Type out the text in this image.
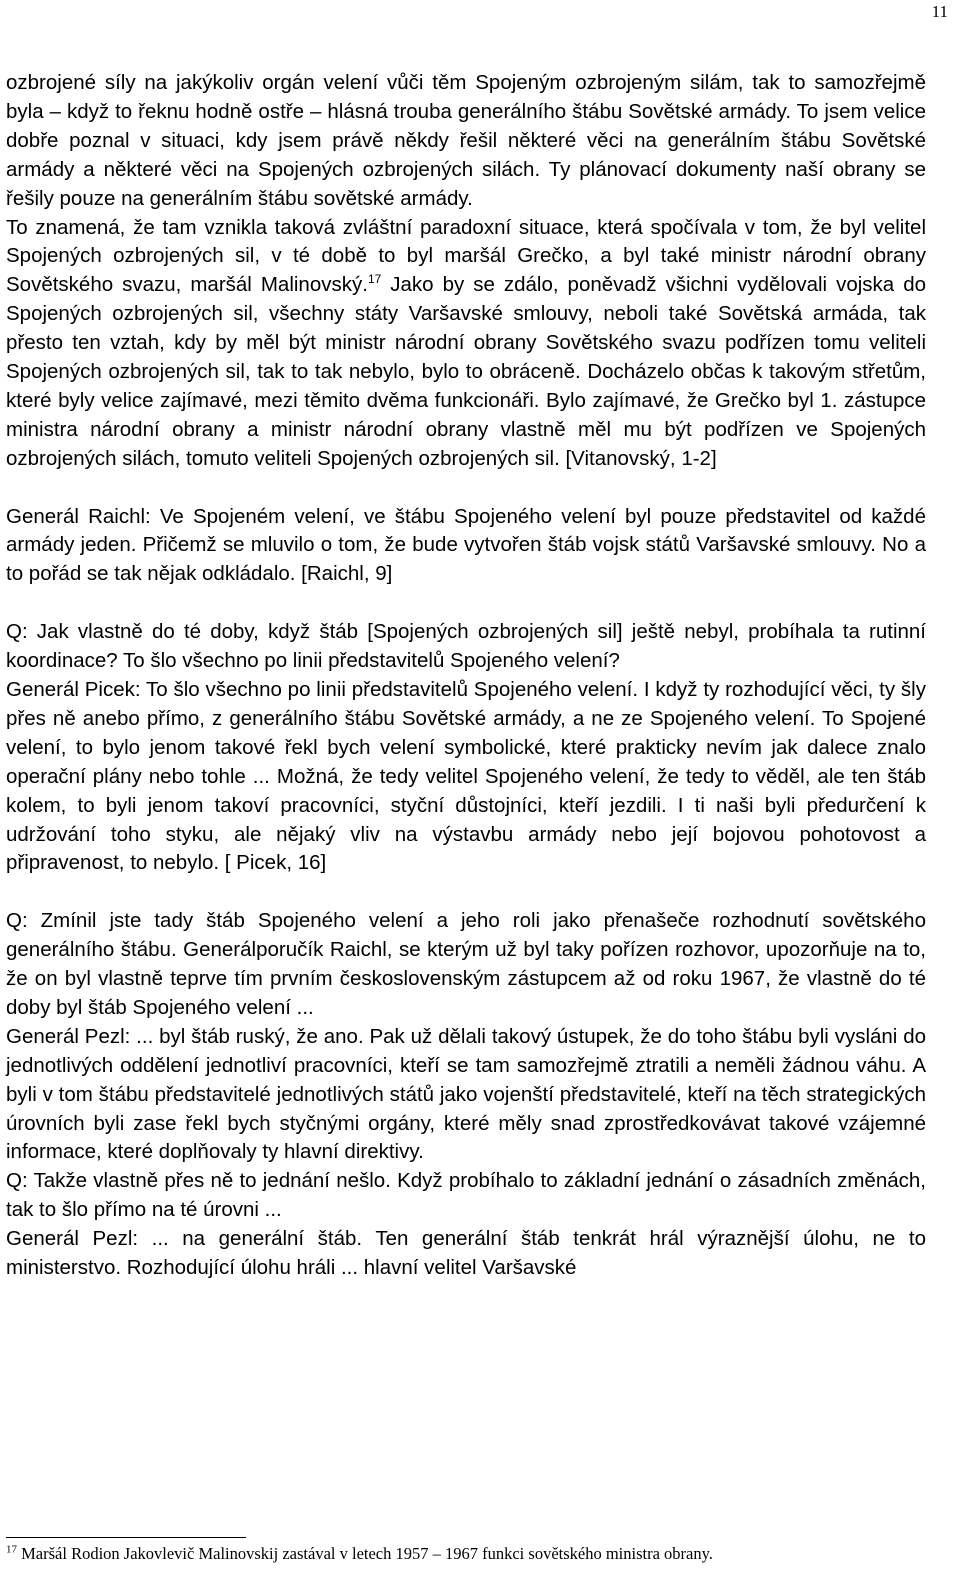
11

ozbrojené síly na jakýkoliv orgán velení vůči těm Spojeným ozbrojeným silám, tak to samozřejmě byla – když to řeknu hodně ostře – hlásná trouba generálního štábu Sovětské armády. To jsem velice dobře poznal v situaci, kdy jsem právě někdy řešil některé věci na generálním štábu Sovětské armády a některé věci na Spojených ozbrojených silách. Ty plánovací dokumenty naší obrany se řešily pouze na generálním štábu sovětské armády.

To znamená, že tam vznikla taková zvláštní paradoxní situace, která spočívala v tom, že byl velitel Spojených ozbrojených sil, v té době to byl maršál Grečko, a byl také ministr národní obrany Sovětského svazu, maršál Malinovský.$^{17}$ Jako by se zdálo, poněvadž všichni vydělovali vojska do Spojených ozbrojených sil, všechny státy Varšavské smlouvy, neboli také Sovětská armáda, tak přesto ten vztah, kdy by měl být ministr národní obrany Sovětského svazu podřízen tomu veliteli Spojených ozbrojených sil, tak to tak nebylo, bylo to obráceně. Docházelo občas k takovým střetům, které byly velice zajímavé, mezi těmito dvěma funkcionáři. Bylo zajímavé, že Grečko byl 1. zástupce ministra národní obrany a ministr národní obrany vlastně měl mu být podřízen ve Spojených ozbrojených silách, tomuto veliteli Spojených ozbrojených sil. [Vitanovský, 1-2]

Generál Raichl: Ve Spojeném velení, ve štábu Spojeného velení byl pouze představitel od každé armády jeden. Přičemž se mluvilo o tom, že bude vytvořen štáb vojsk států Varšavské smlouvy. No a to pořád se tak nějak odkládalo. [Raichl, 9]

Q: Jak vlastně do té doby, když štáb [Spojených ozbrojených sil] ještě nebyl, probíhala ta rutinní koordinace? To šlo všechno po linii představitelů Spojeného velení?

Generál Picek: To šlo všechno po linii představitelů Spojeného velení. I když ty rozhodující věci, ty šly přes ně anebo přímo, z generálního štábu Sovětské armády, a ne ze Spojeného velení. To Spojené velení, to bylo jenom takové řekl bych velení symbolické, které prakticky nevím jak dalece znalo operační plány nebo tohle ... Možná, že tedy velitel Spojeného velení, že tedy to věděl, ale ten štáb kolem, to byli jenom takoví pracovníci, styční důstojníci, kteří jezdili. I ti naši byli předurčení k udržování toho styku, ale nějaký vliv na výstavbu armády nebo její bojovou pohotovost a připravenost, to nebylo. [ Picek, 16]

Q: Zmínil jste tady štáb Spojeného velení a jeho roli jako přenašeče rozhodnutí sovětského generálního štábu. Generálporučík Raichl, se kterým už byl taky pořízen rozhovor, upozorňuje na to, že on byl vlastně teprve tím prvním československým zástupcem až od roku 1967, že vlastně do té doby byl štáb Spojeného velení ...

Generál Pezl: ... byl štáb ruský, že ano. Pak už dělali takový ústupek, že do toho štábu byli vysláni do jednotlivých oddělení jednotliví pracovníci, kteří se tam samozřejmě ztratili a neměli žádnou váhu. A byli v tom štábu představitelé jednotlivých států jako vojenští představitelé, kteří na těch strategických úrovních byli zase řekl bych styčnými orgány, které měly snad zprostředkovávat takové vzájemné informace, které doplňovaly ty hlavní direktivy.

Q: Takže vlastně přes ně to jednání nešlo. Když probíhalo to základní jednání o zásadních změnách, tak to šlo přímo na té úrovni ...

Generál Pezl: ... na generální štáb. Ten generální štáb tenkrát hrál výraznější úlohu, ne to ministerstvo. Rozhodující úlohu hráli ... hlavní velitel Varšavské

$^{17}$ Maršál Rodion Jakovlevič Malinovskij zastával v letech 1957 – 1967 funkci sovětského ministra obrany.
